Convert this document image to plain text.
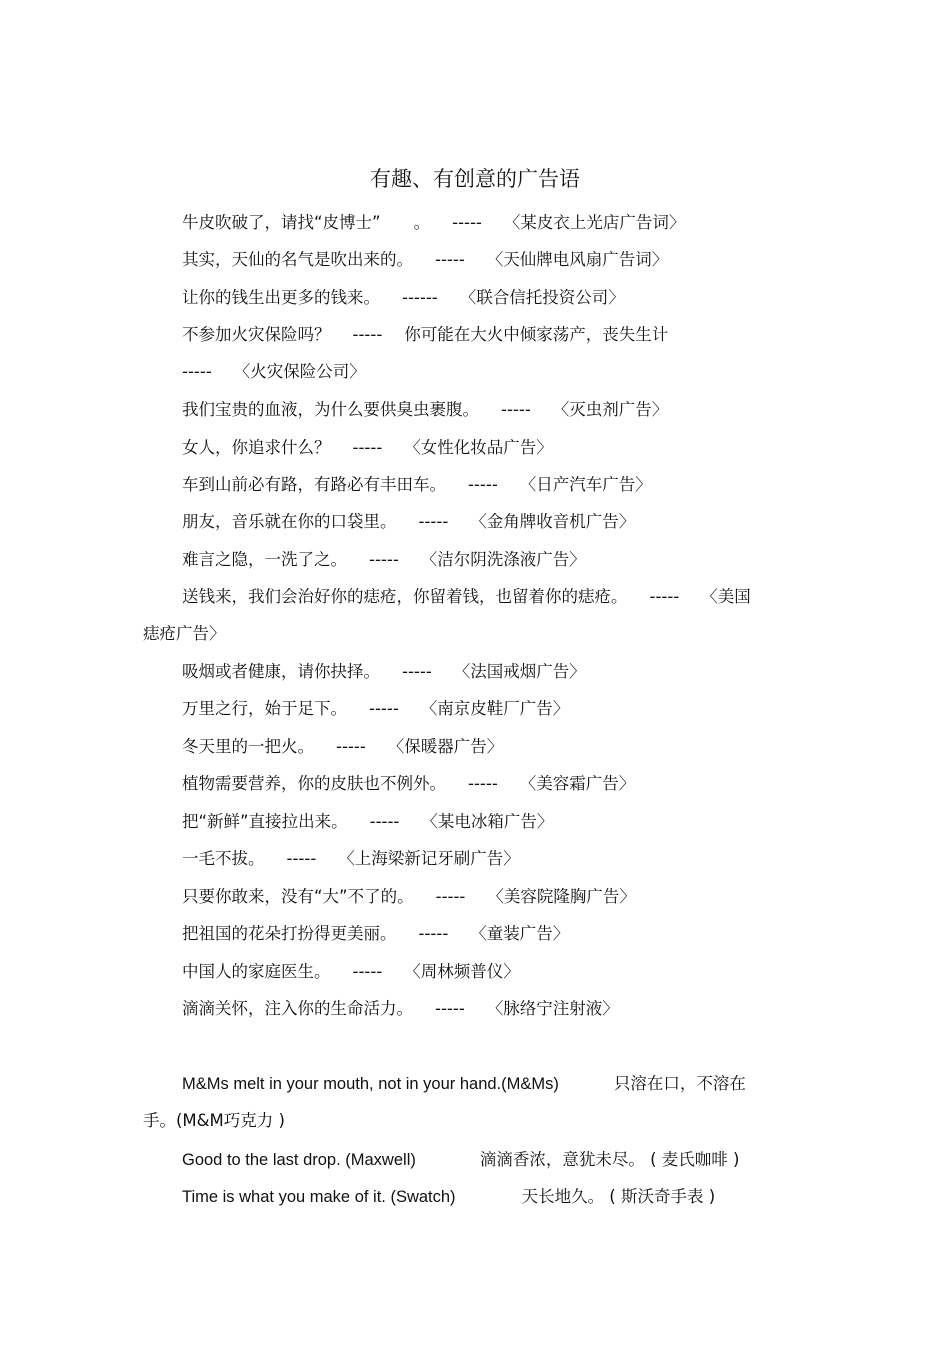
有趣、有创意的广告语
牛皮吹破了，请找“皮博士”　　。 ----- 〈某皮衣上光店广告词〉
其实，天仙的名气是吹出来的。 ----- 〈天仙牌电风扇广告词〉
让你的钱生出更多的钱来。 ------ 〈联合信托投资公司〉
不参加火灾保险吗？ ----- 你可能在大火中倾家荡产，丧失生计
----- 〈火灾保险公司〉
我们宝贵的血液，为什么要供臭虫裹腹。 ----- 〈灭虫剂广告〉
女人，你追求什么？ ----- 〈女性化妆品广告〉
车到山前必有路，有路必有丰田车。 ----- 〈日产汽车广告〉
朋友，音乐就在你的口袋里。 ----- 〈金角牌收音机广告〉
难言之隐，一洗了之。 ----- 〈洁尔阴洗涤液广告〉
送钱来，我们会治好你的痣疮，你留着钱，也留着你的痣疮。 ----- 〈美国
痣疮广告〉
吸烟或者健康，请你抉择。 ----- 〈法国戒烟广告〉
万里之行，始于足下。 ----- 〈南京皮鞋厂广告〉
冬天里的一把火。 ----- 〈保暖器广告〉
植物需要营养，你的皮肤也不例外。 ----- 〈美容霜广告〉
把“新鲜”直接拉出来。 ----- 〈某电冰箱广告〉
一毛不拔。 ----- 〈上海梁新记牙刷广告〉
只要你敢来，没有“大”不了的。 ----- 〈美容院隆胸广告〉
把祖国的花朵打扮得更美丽。 ----- 〈童装广告〉
中国人的家庭医生。 ----- 〈周林频普仪〉
滴滴关怀，注入你的生命活力。 ----- 〈脉络宁注射液〉
M&Ms melt in your mouth, not in your hand.(M&Ms)	只溶在口，不溶在
手。(M&M巧克力 )
Good to the last drop. (Maxwell)	滴滴香浓，意犹未尽。 ( 麦氏咖啡 )
Time is what you make of it. (Swatch)	天长地久。 ( 斯沃奇手表 )
